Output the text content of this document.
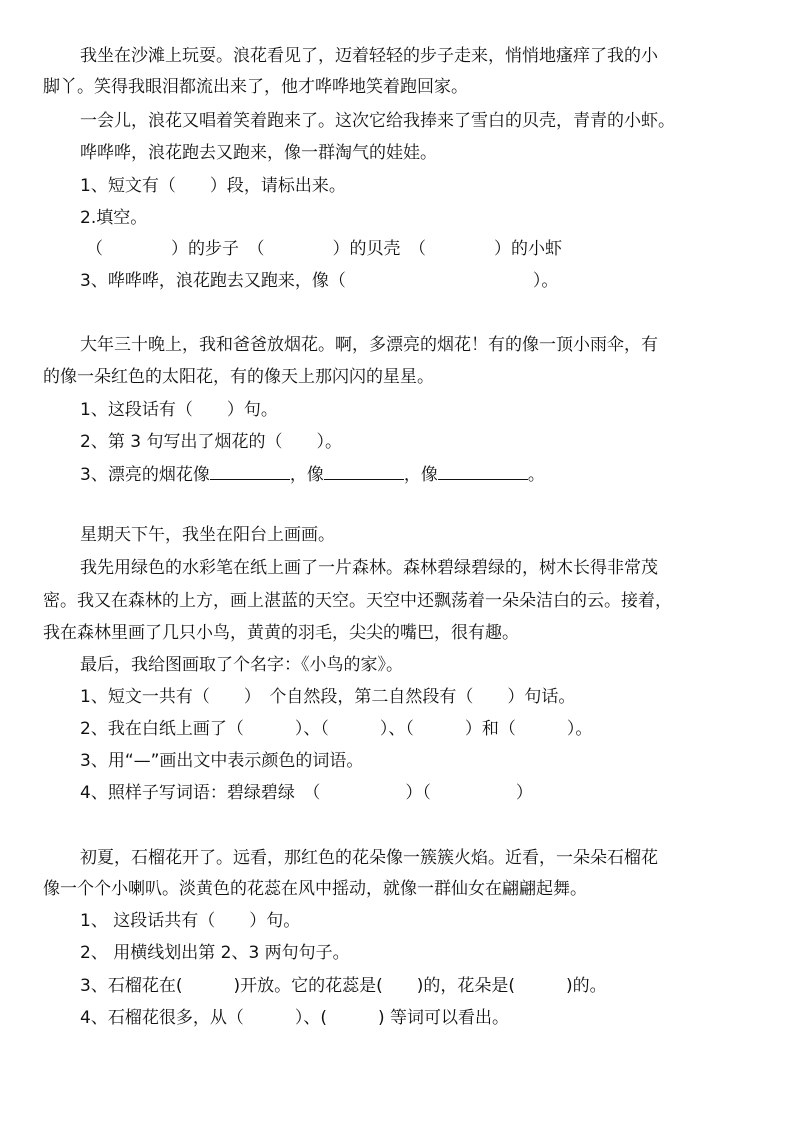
我坐在沙滩上玩耍。浪花看见了，迈着轻轻的步子走来，悄悄地瘙痒了我的小
脚丫。笑得我眼泪都流出来了，他才哗哗地笑着跑回家。
一会儿，浪花又唱着笑着跑来了。这次它给我捧来了雪白的贝壳，青青的小虾。
哗哗哗，浪花跑去又跑来，像一群淘气的娃娃。
1、短文有（　　）段，请标出来。
2.填空。
（　　　　）的步子　（　　　　）的贝壳　（　　　　）的小虾
3、哗哗哗，浪花跑去又跑来，像（　　　　　　　　　　　）。
大年三十晚上，我和爸爸放烟花。啊，多漂亮的烟花！有的像一顶小雨伞，有
的像一朵红色的太阳花，有的像天上那闪闪的星星。
1、这段话有（　　）句。
2、第 3 句写出了烟花的（　　）。
3、漂亮的烟花像	，像	，像	。
星期天下午，我坐在阳台上画画。
我先用绿色的水彩笔在纸上画了一片森林。森林碧绿碧绿的，树木长得非常茂
密。我又在森林的上方，画上湛蓝的天空。天空中还飘荡着一朵朵洁白的云。接着，
我在森林里画了几只小鸟，黄黄的羽毛，尖尖的嘴巴，很有趣。
最后，我给图画取了个名字：《小鸟的家》。
1、短文一共有（　　）　个自然段，第二自然段有（　　）句话。
2、我在白纸上画了（　　　）、（　　　）、（　　　）和（　　　）。
3、用“—”画出文中表示颜色的词语。
4、照样子写词语：碧绿碧绿　（　　　　　）（　　　　　）
初夏，石榴花开了。远看，那红色的花朵像一簇簇火焰。近看，一朵朵石榴花
像一个个小喇叭。淡黄色的花蕊在风中摇动，就像一群仙女在翩翩起舞。
1、 这段话共有（　　）句。
2、 用横线划出第 2、3 两句句子。
3、石榴花在(　　　)开放。它的花蕊是(　　)的，花朵是(　　　)的。
4、石榴花很多，从（　　　）、(　　　) 等词可以看出。
